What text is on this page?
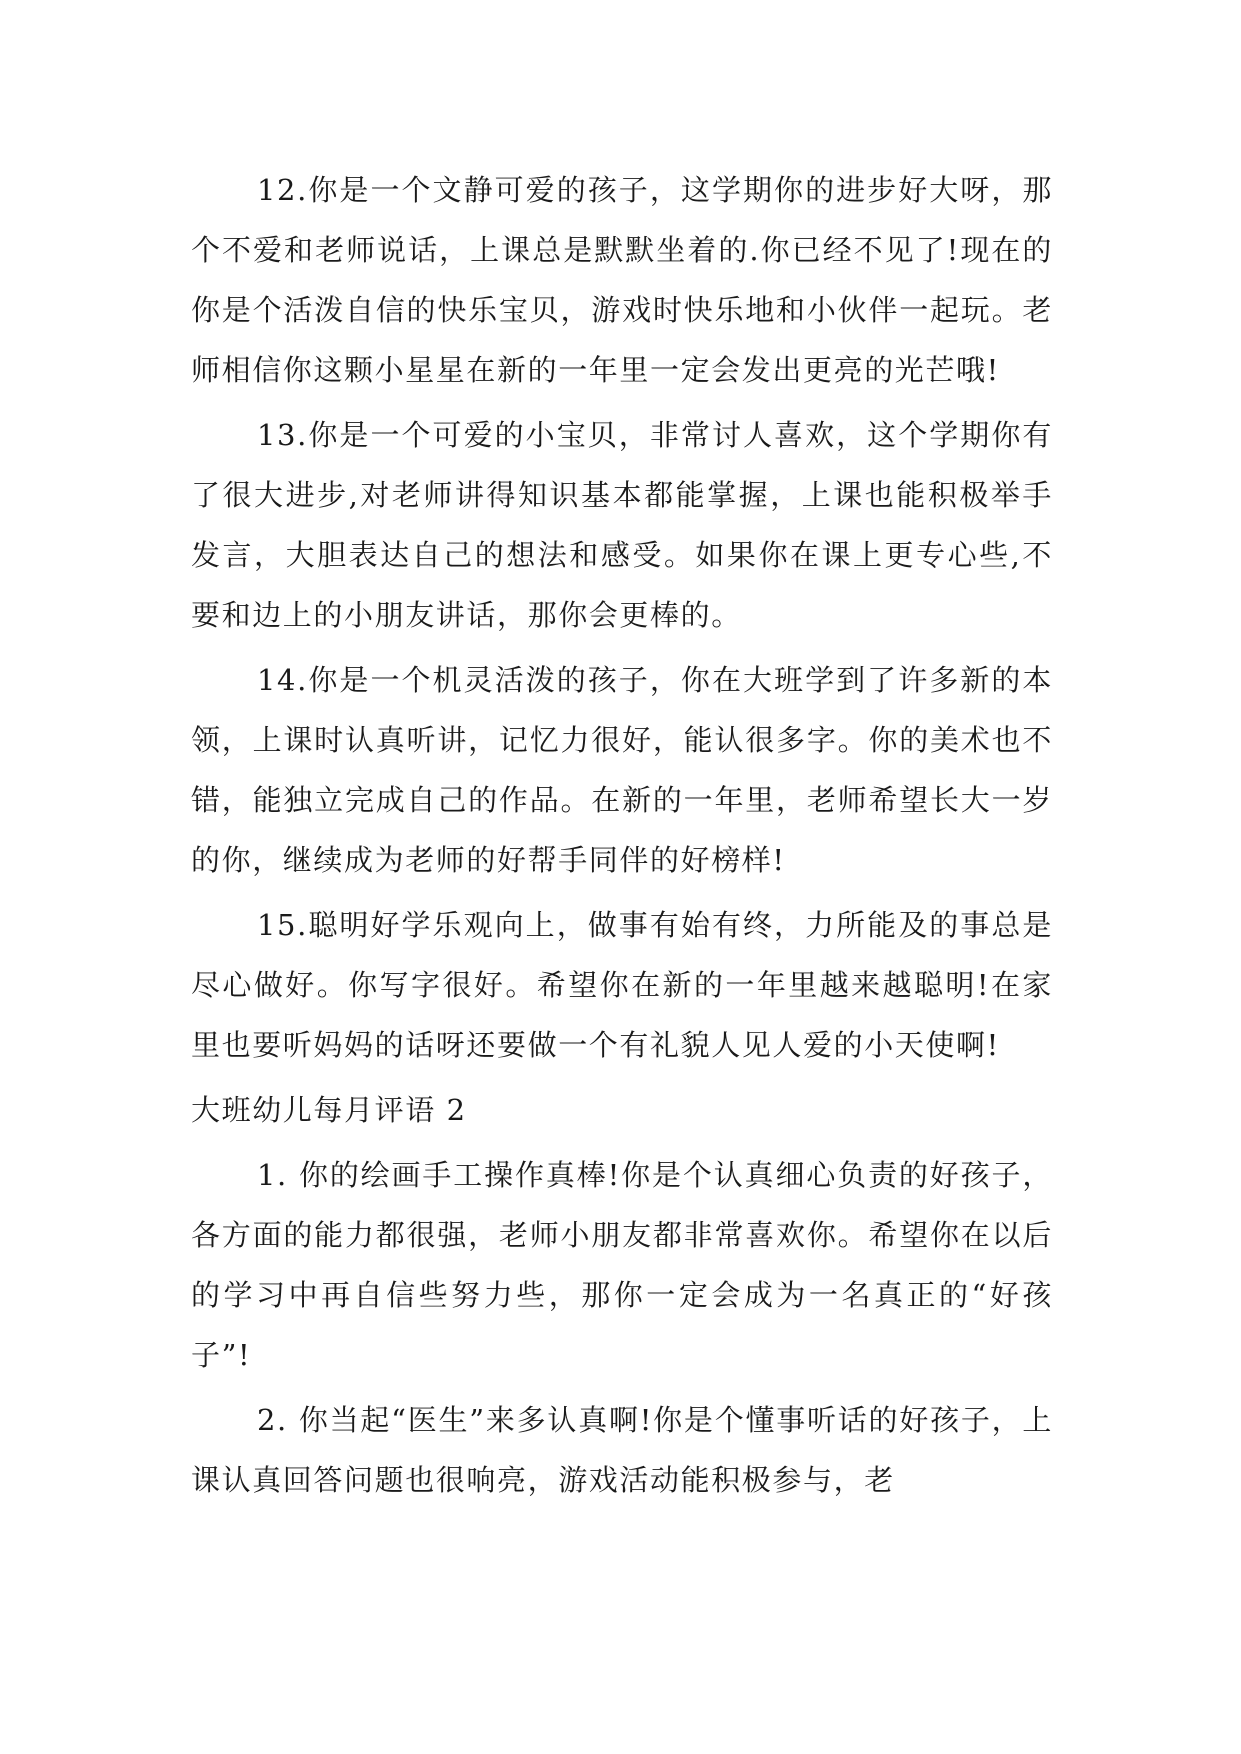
12.你是一个文静可爱的孩子，这学期你的进步好大呀，那个不爱和老师说话，上课总是默默坐着的.你已经不见了!现在的你是个活泼自信的快乐宝贝，游戏时快乐地和小伙伴一起玩。老师相信你这颗小星星在新的一年里一定会发出更亮的光芒哦!

13.你是一个可爱的小宝贝，非常讨人喜欢，这个学期你有了很大进步,对老师讲得知识基本都能掌握，上课也能积极举手发言，大胆表达自己的想法和感受。如果你在课上更专心些,不要和边上的小朋友讲话，那你会更棒的。

14.你是一个机灵活泼的孩子，你在大班学到了许多新的本领，上课时认真听讲，记忆力很好，能认很多字。你的美术也不错，能独立完成自己的作品。在新的一年里，老师希望长大一岁的你，继续成为老师的好帮手同伴的好榜样!

15.聪明好学乐观向上，做事有始有终，力所能及的事总是尽心做好。你写字很好。希望你在新的一年里越来越聪明!在家里也要听妈妈的话呀还要做一个有礼貌人见人爱的小天使啊!

大班幼儿每月评语 2

1. 你的绘画手工操作真棒!你是个认真细心负责的好孩子，各方面的能力都很强，老师小朋友都非常喜欢你。希望你在以后的学习中再自信些努力些，那你一定会成为一名真正的“好孩子”!

2. 你当起“医生”来多认真啊!你是个懂事听话的好孩子，上课认真回答问题也很响亮，游戏活动能积极参与，老
